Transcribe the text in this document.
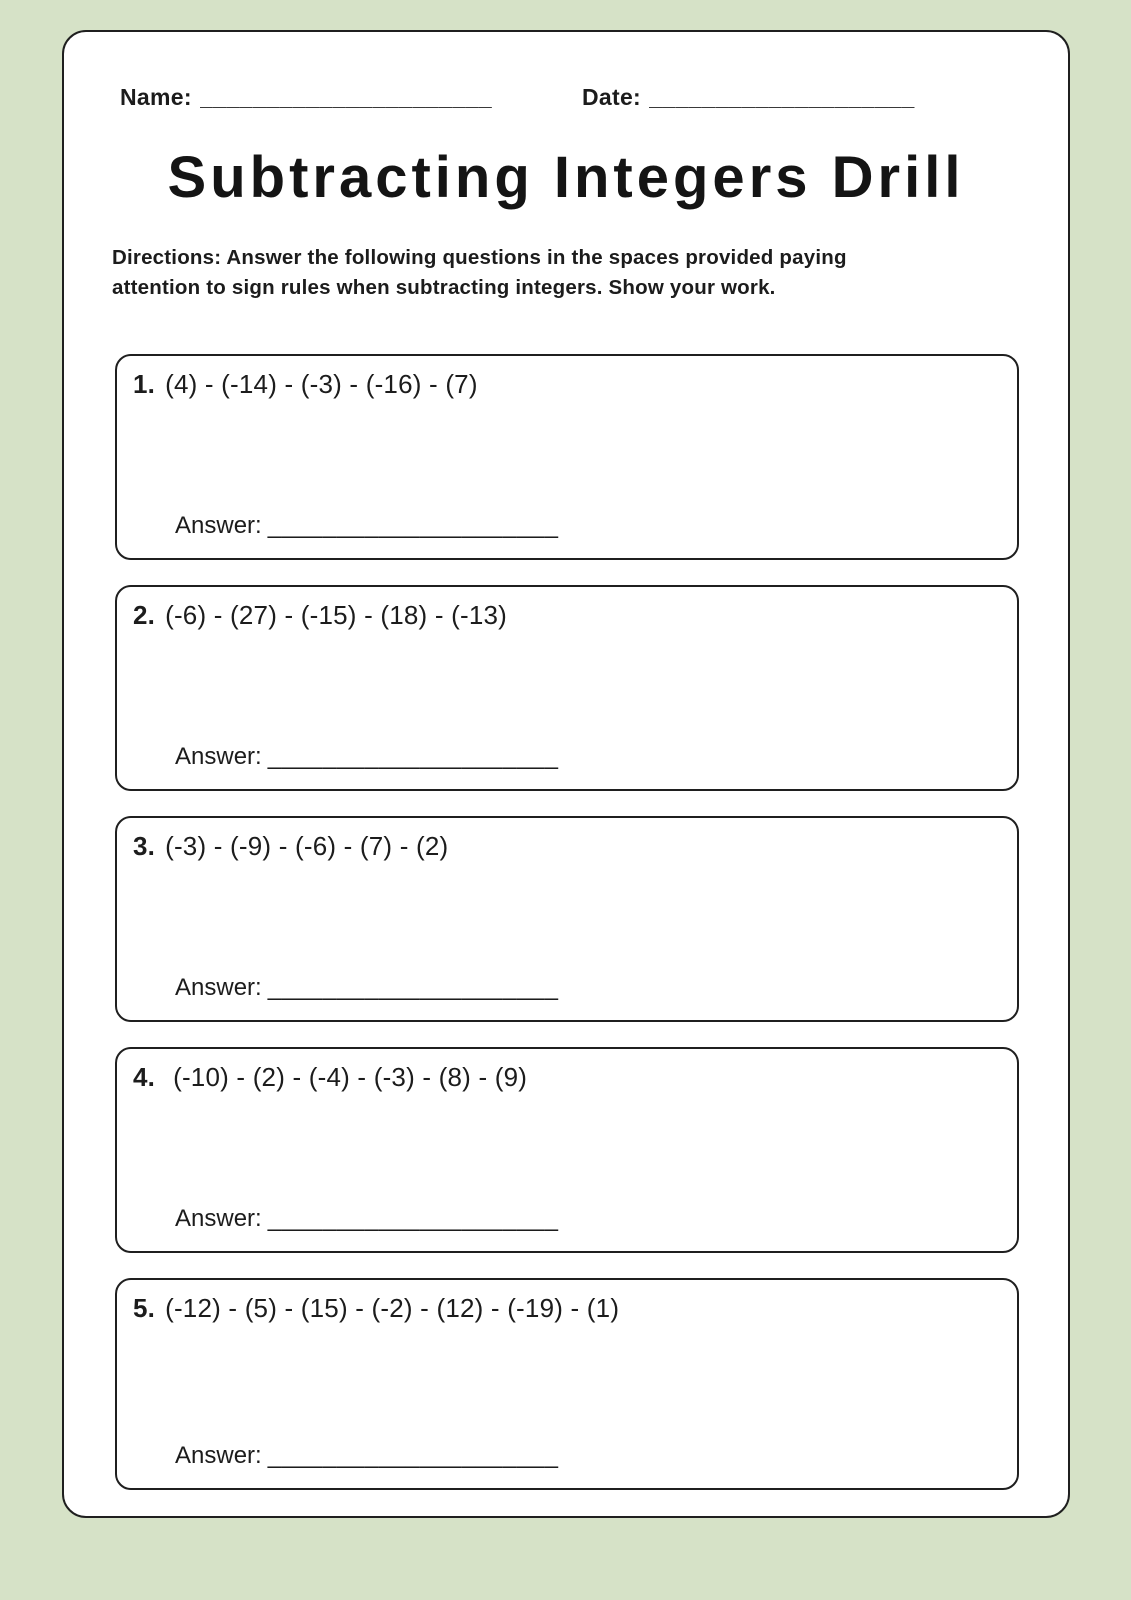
Name: ______________________	Date: ____________________
Subtracting Integers Drill
Directions: Answer the following questions in the spaces provided paying
attention to sign rules when subtracting integers. Show your work.
1. (4) - (-14) - (-3) - (-16) - (7)
Answer: _____________________
2. (-6) - (27) - (-15) - (18) - (-13)
Answer: _____________________
3. (-3) - (-9) - (-6) - (7) - (2)
Answer: _____________________
4. (-10) - (2) - (-4) - (-3) - (8) - (9)
Answer: _____________________
5. (-12) - (5) - (15) - (-2) - (12) - (-19) - (1)
Answer: _____________________
